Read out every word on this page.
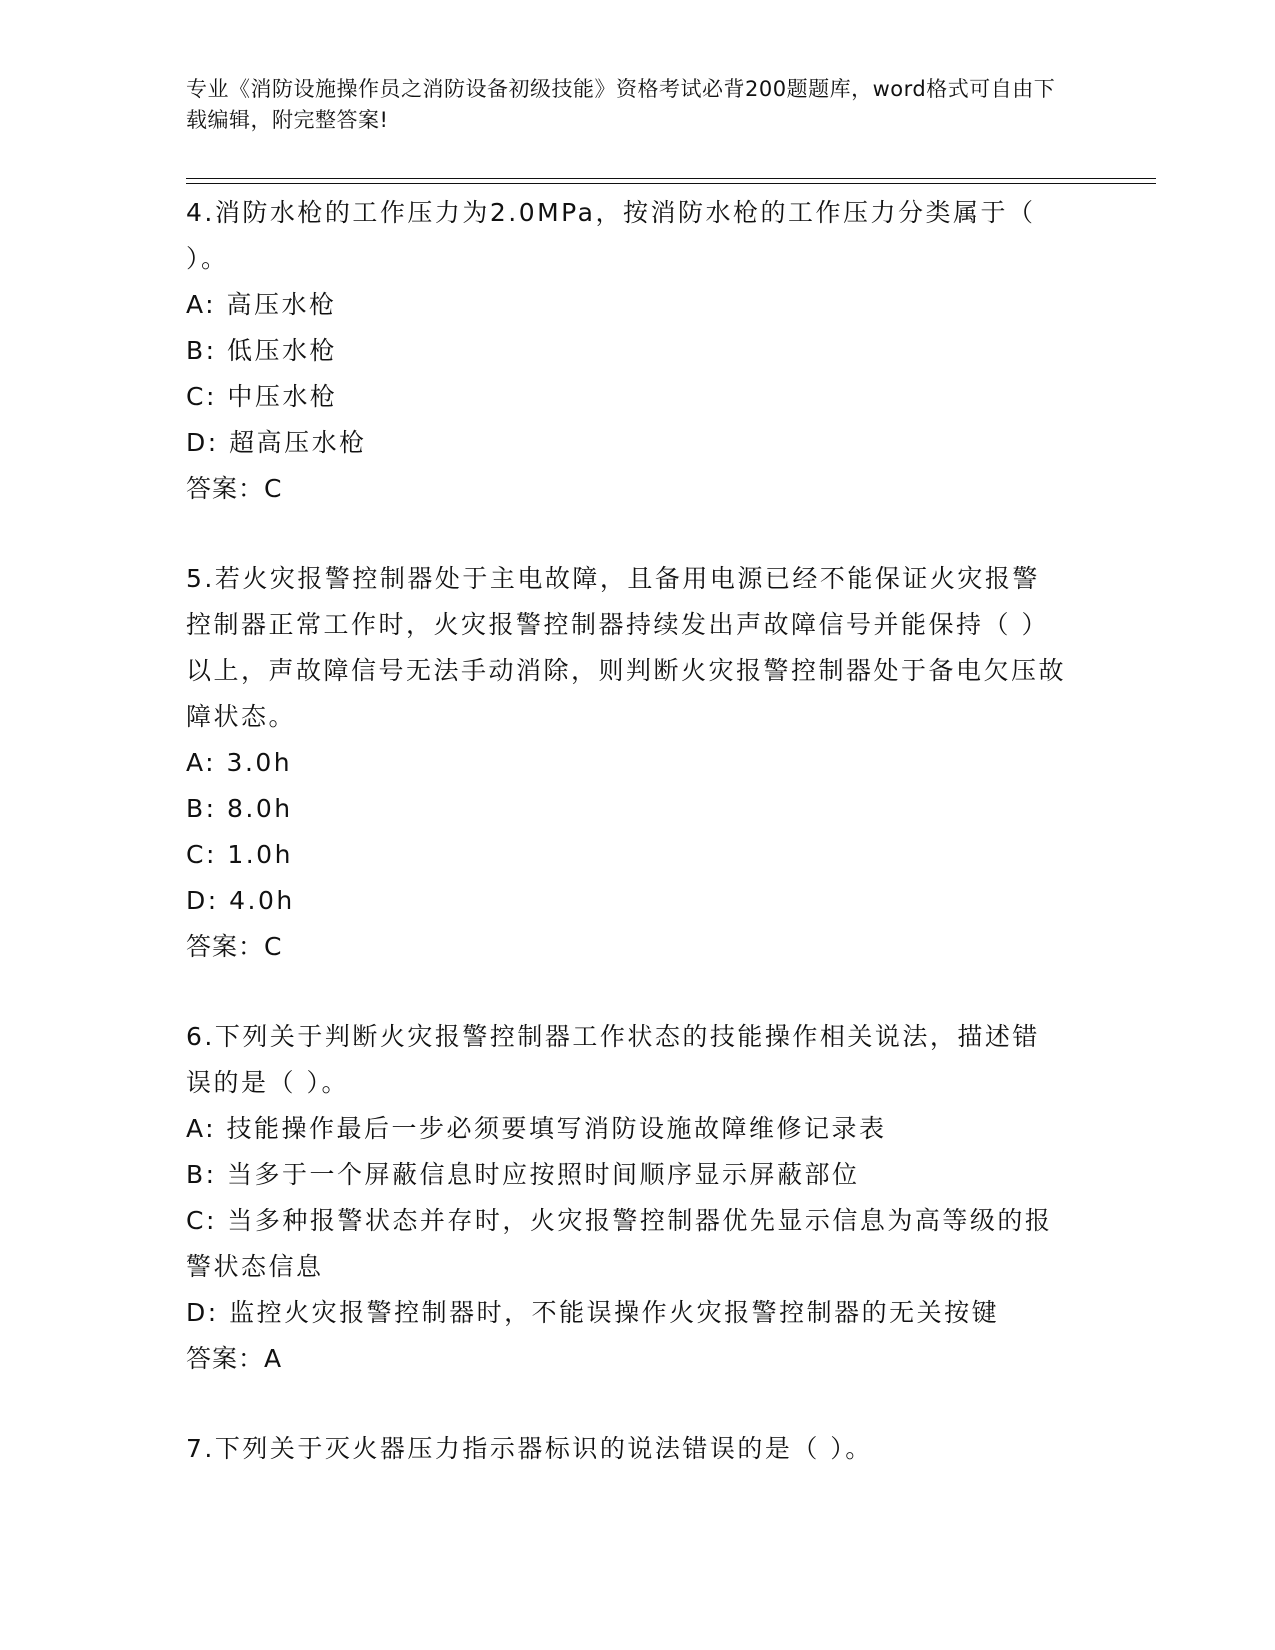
专业《消防设施操作员之消防设备初级技能》资格考试必背200题题库，word格式可自由下载编辑，附完整答案!
4.消防水枪的工作压力为2.0MPa，按消防水枪的工作压力分类属于（ ）。
A: 高压水枪
B: 低压水枪
C: 中压水枪
D: 超高压水枪
答案：C
5.若火灾报警控制器处于主电故障，且备用电源已经不能保证火灾报警控制器正常工作时，火灾报警控制器持续发出声故障信号并能保持（ ）以上，声故障信号无法手动消除，则判断火灾报警控制器处于备电欠压故障状态。
A: 3.0h
B: 8.0h
C: 1.0h
D: 4.0h
答案：C
6.下列关于判断火灾报警控制器工作状态的技能操作相关说法，描述错误的是（ ）。
A: 技能操作最后一步必须要填写消防设施故障维修记录表
B: 当多于一个屏蔽信息时应按照时间顺序显示屏蔽部位
C: 当多种报警状态并存时，火灾报警控制器优先显示信息为高等级的报警状态信息
D: 监控火灾报警控制器时，不能误操作火灾报警控制器的无关按键
答案：A
7.下列关于灭火器压力指示器标识的说法错误的是（ ）。
